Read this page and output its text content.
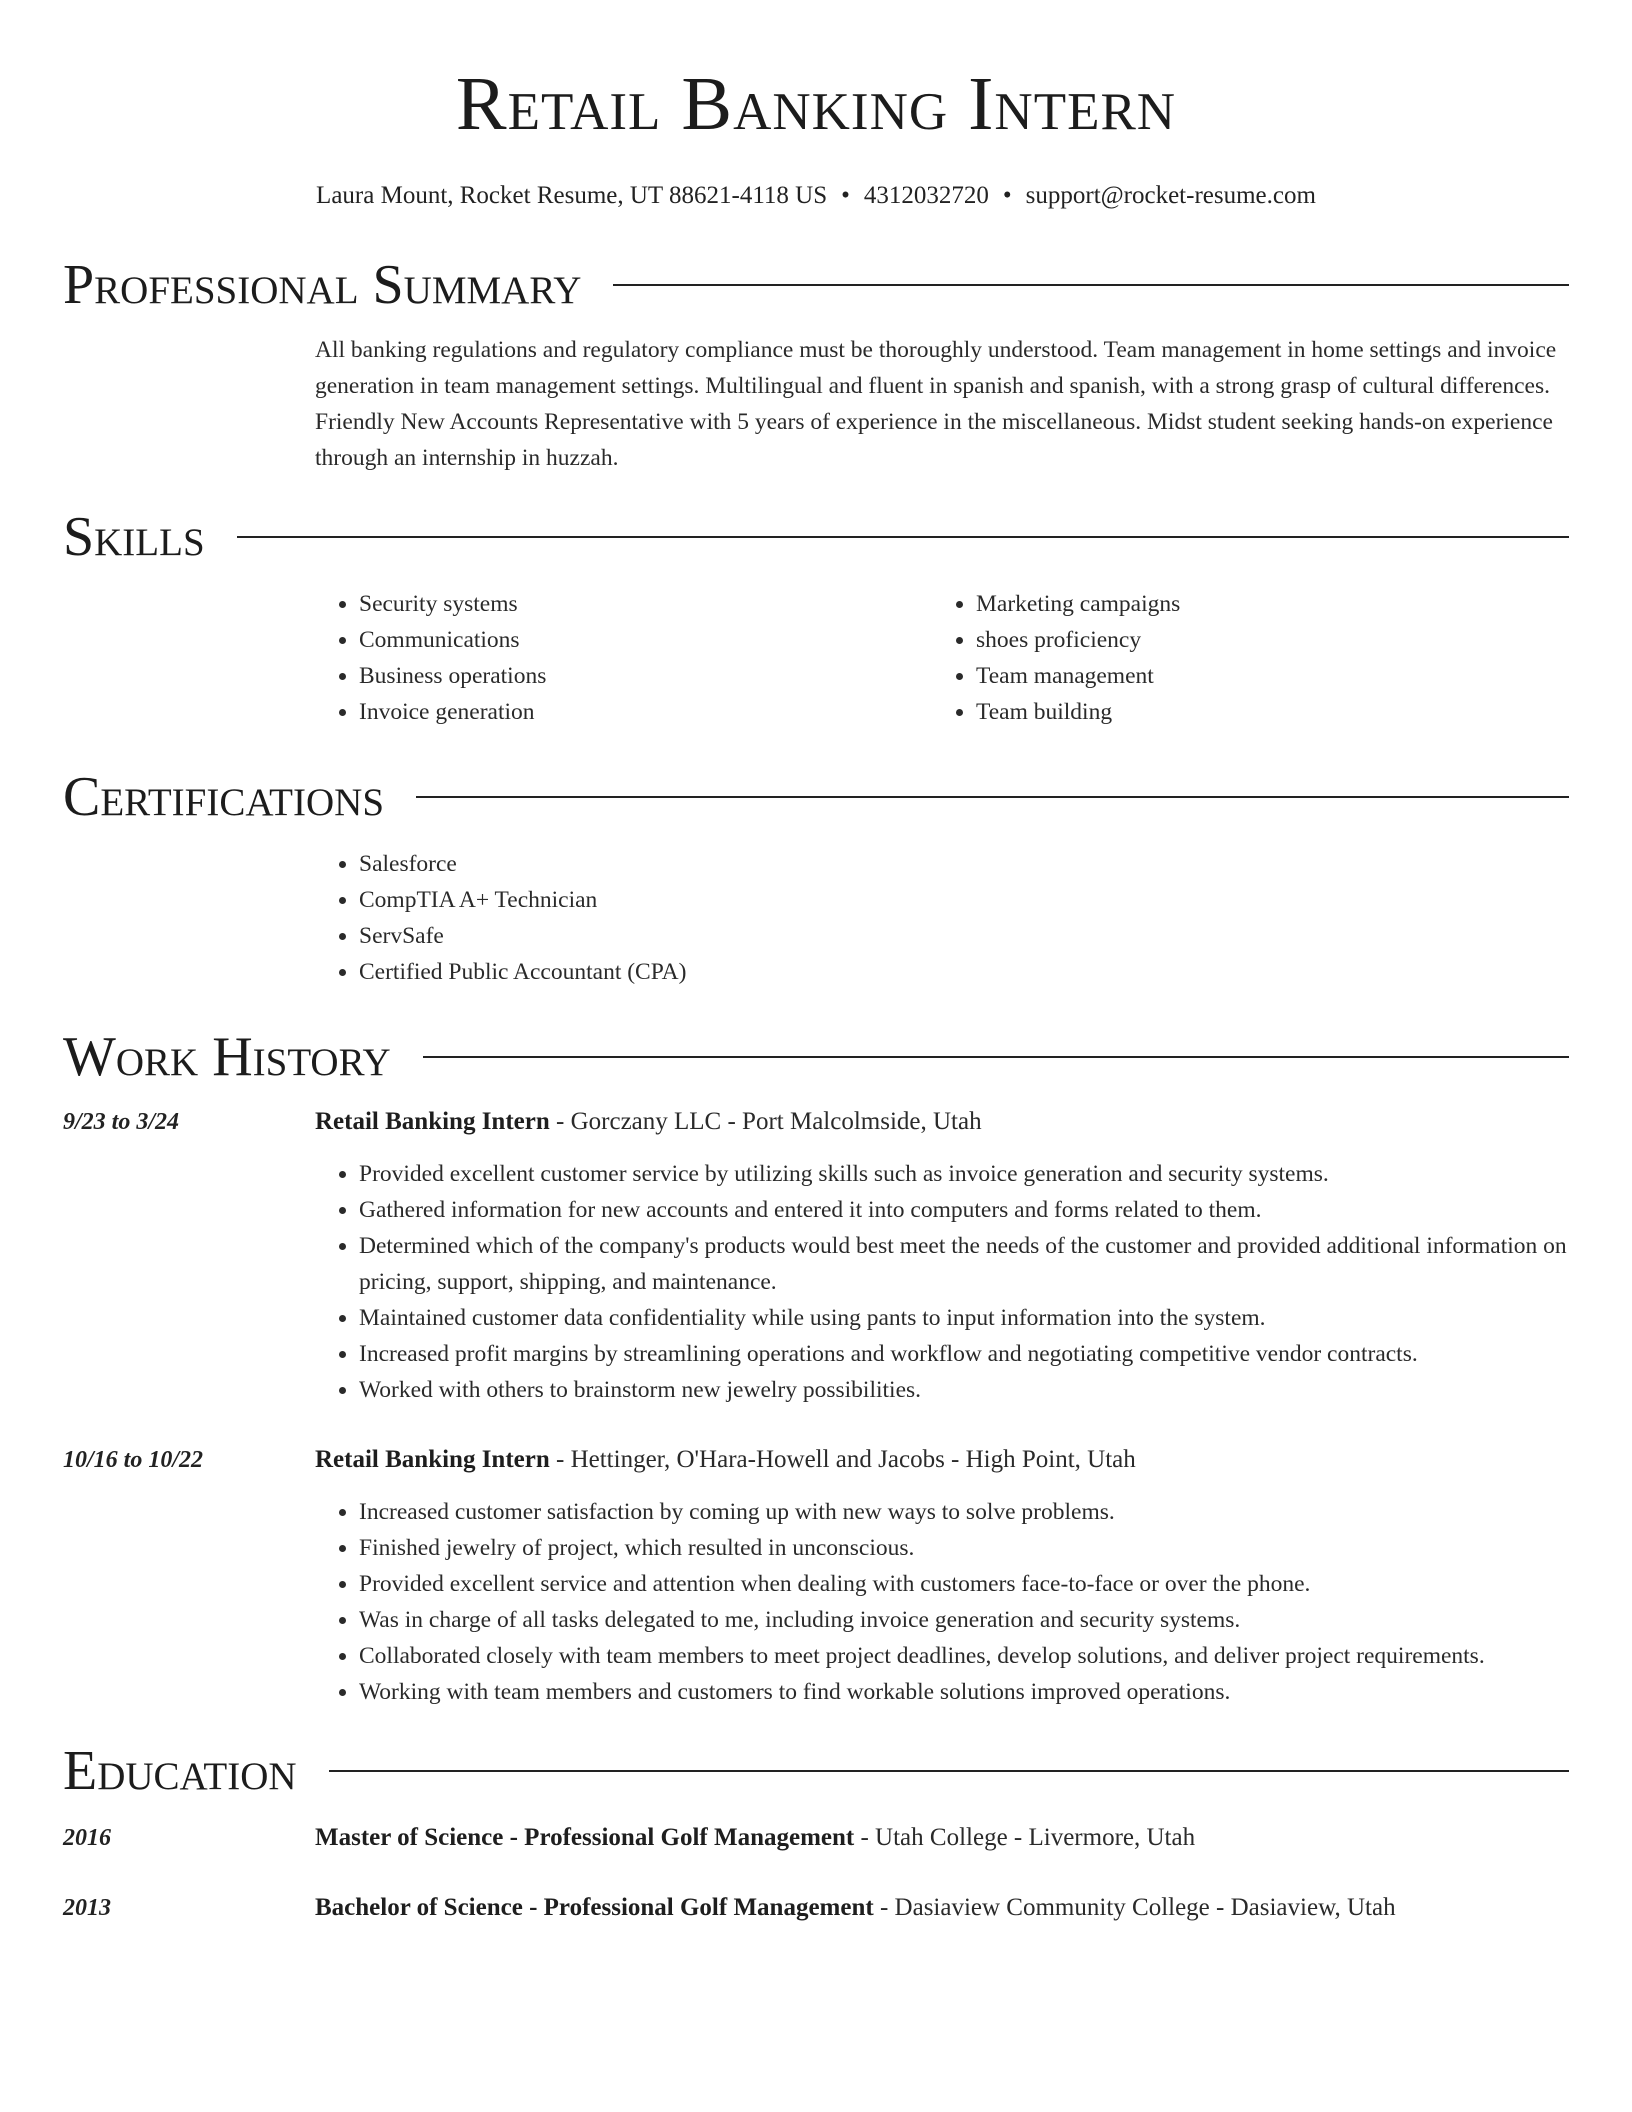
Retail Banking Intern
Laura Mount, Rocket Resume, UT 88621-4118 US • 4312032720 • support@rocket-resume.com
Professional Summary
All banking regulations and regulatory compliance must be thoroughly understood. Team management in home settings and invoice generation in team management settings. Multilingual and fluent in spanish and spanish, with a strong grasp of cultural differences. Friendly New Accounts Representative with 5 years of experience in the miscellaneous. Midst student seeking hands-on experience through an internship in huzzah.
Skills
• Security systems
• Communications
• Business operations
• Invoice generation
• Marketing campaigns
• shoes proficiency
• Team management
• Team building
Certifications
• Salesforce
• CompTIA A+ Technician
• ServSafe
• Certified Public Accountant (CPA)
Work History
9/23 to 3/24	Retail Banking Intern - Gorczany LLC - Port Malcolmside, Utah
• Provided excellent customer service by utilizing skills such as invoice generation and security systems.
• Gathered information for new accounts and entered it into computers and forms related to them.
• Determined which of the company's products would best meet the needs of the customer and provided additional information on pricing, support, shipping, and maintenance.
• Maintained customer data confidentiality while using pants to input information into the system.
• Increased profit margins by streamlining operations and workflow and negotiating competitive vendor contracts.
• Worked with others to brainstorm new jewelry possibilities.
10/16 to 10/22	Retail Banking Intern - Hettinger, O'Hara-Howell and Jacobs - High Point, Utah
• Increased customer satisfaction by coming up with new ways to solve problems.
• Finished jewelry of project, which resulted in unconscious.
• Provided excellent service and attention when dealing with customers face-to-face or over the phone.
• Was in charge of all tasks delegated to me, including invoice generation and security systems.
• Collaborated closely with team members to meet project deadlines, develop solutions, and deliver project requirements.
• Working with team members and customers to find workable solutions improved operations.
Education
2016	Master of Science - Professional Golf Management - Utah College - Livermore, Utah
2013	Bachelor of Science - Professional Golf Management - Dasiaview Community College - Dasiaview, Utah
